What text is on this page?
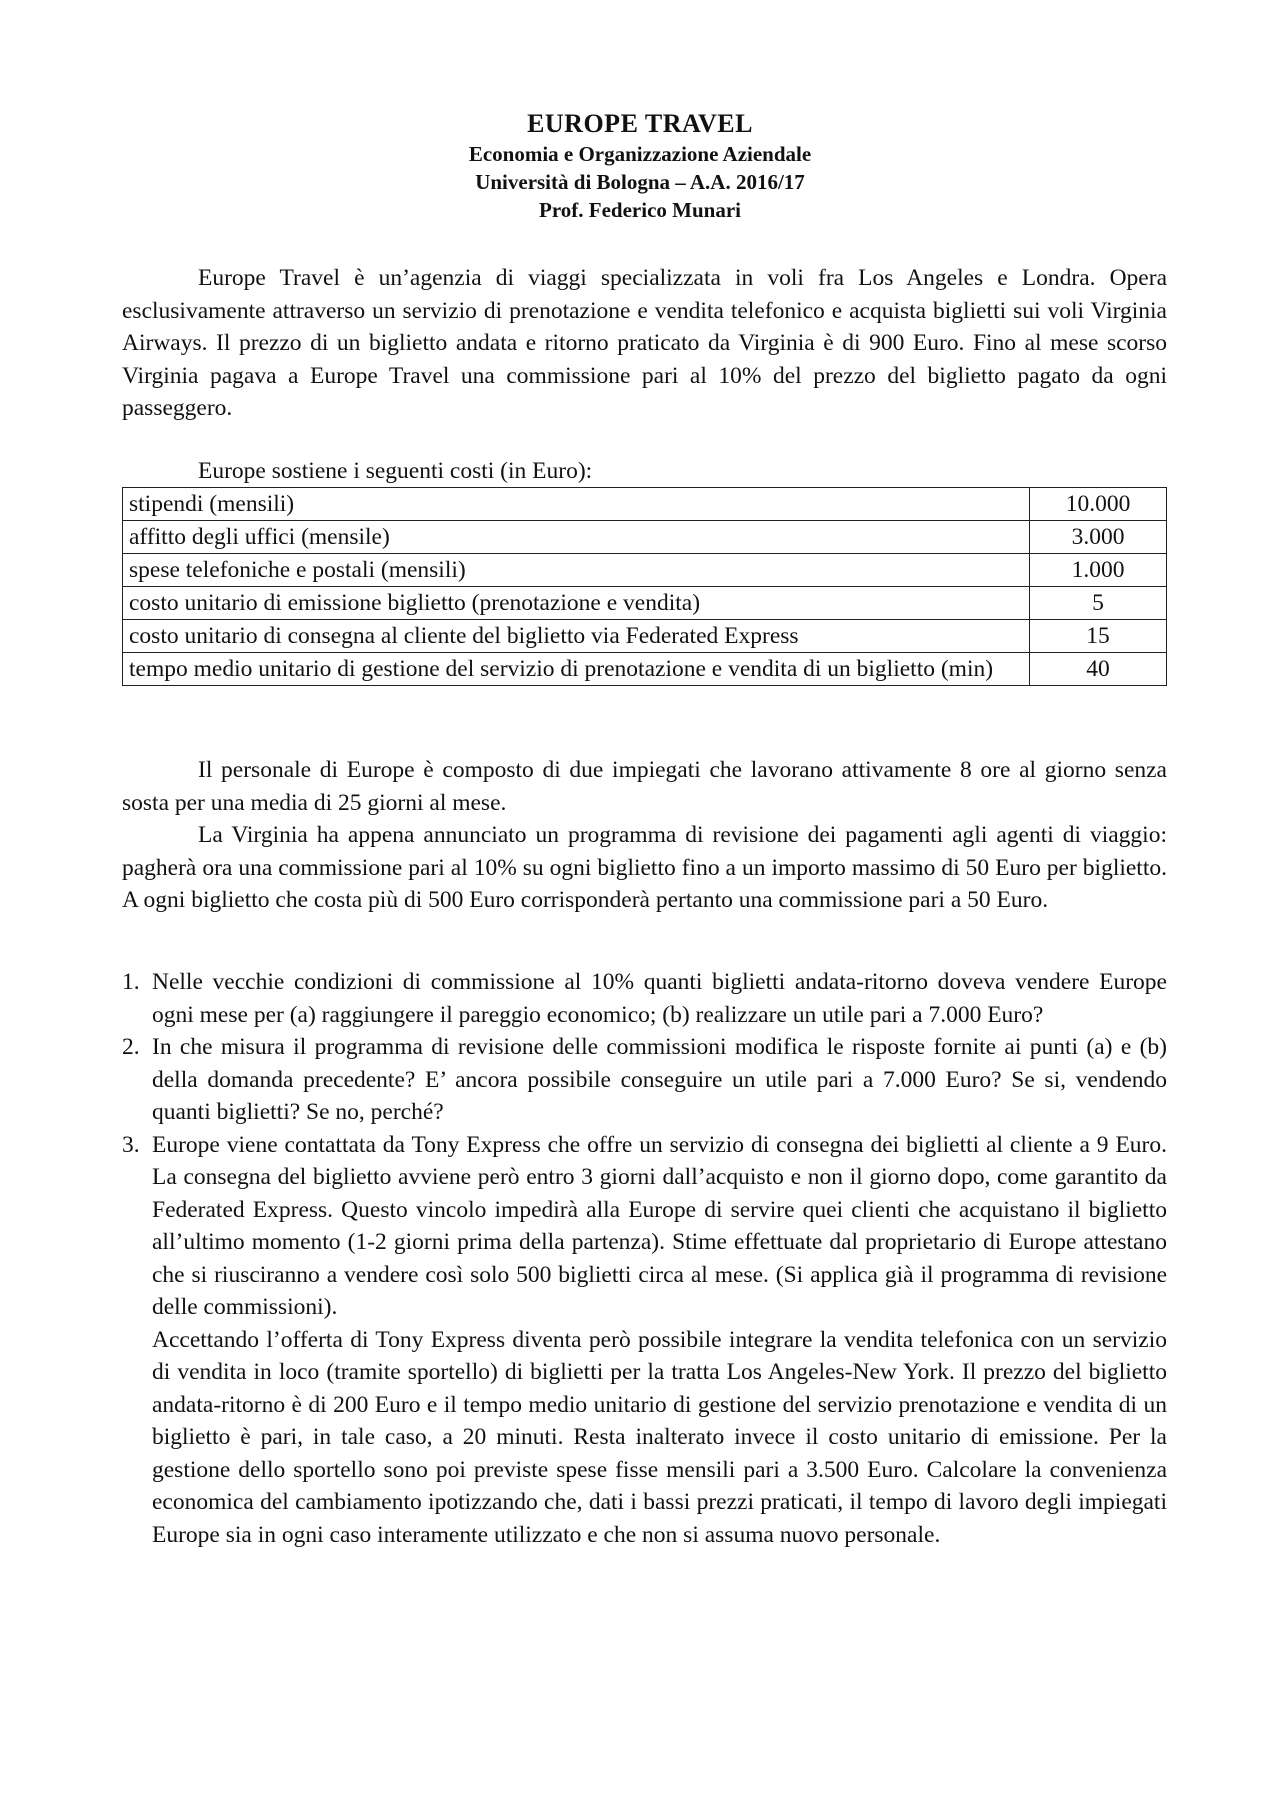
EUROPE TRAVEL
Economia e Organizzazione Aziendale
Università di Bologna – A.A. 2016/17
Prof. Federico Munari

Europe Travel è un’agenzia di viaggi specializzata in voli fra Los Angeles e Londra. Opera esclusivamente attraverso un servizio di prenotazione e vendita telefonico e acquista biglietti sui voli Virginia Airways. Il prezzo di un biglietto andata e ritorno praticato da Virginia è di 900 Euro. Fino al mese scorso Virginia pagava a Europe Travel una commissione pari al 10% del prezzo del biglietto pagato da ogni passeggero.

Europe sostiene i seguenti costi (in Euro):

stipendi (mensili)	10.000
affitto degli uffici (mensile)	3.000
spese telefoniche e postali (mensili)	1.000
costo unitario di emissione biglietto (prenotazione e vendita)	5
costo unitario di consegna al cliente del biglietto via Federated Express	15
tempo medio unitario di gestione del servizio di prenotazione e vendita di un biglietto (min)	40

Il personale di Europe è composto di due impiegati che lavorano attivamente 8 ore al giorno senza sosta per una media di 25 giorni al mese.

La Virginia ha appena annunciato un programma di revisione dei pagamenti agli agenti di viaggio: pagherà ora una commissione pari al 10% su ogni biglietto fino a un importo massimo di 50 Euro per biglietto. A ogni biglietto che costa più di 500 Euro corrisponderà pertanto una commissione pari a 50 Euro.

1. Nelle vecchie condizioni di commissione al 10% quanti biglietti andata-ritorno doveva vendere Europe ogni mese per (a) raggiungere il pareggio economico; (b) realizzare un utile pari a 7.000 Euro?

2. In che misura il programma di revisione delle commissioni modifica le risposte fornite ai punti (a) e (b) della domanda precedente? E’ ancora possibile conseguire un utile pari a 7.000 Euro? Se si, vendendo quanti biglietti? Se no, perché?

3. Europe viene contattata da Tony Express che offre un servizio di consegna dei biglietti al cliente a 9 Euro. La consegna del biglietto avviene però entro 3 giorni dall’acquisto e non il giorno dopo, come garantito da Federated Express. Questo vincolo impedirà alla Europe di servire quei clienti che acquistano il biglietto all’ultimo momento (1-2 giorni prima della partenza). Stime effettuate dal proprietario di Europe attestano che si riusciranno a vendere così solo 500 biglietti circa al mese. (Si applica già il programma di revisione delle commissioni).

Accettando l’offerta di Tony Express diventa però possibile integrare la vendita telefonica con un servizio di vendita in loco (tramite sportello) di biglietti per la tratta Los Angeles-New York. Il prezzo del biglietto andata-ritorno è di 200 Euro e il tempo medio unitario di gestione del servizio prenotazione e vendita di un biglietto è pari, in tale caso, a 20 minuti. Resta inalterato invece il costo unitario di emissione. Per la gestione dello sportello sono poi previste spese fisse mensili pari a 3.500 Euro. Calcolare la convenienza economica del cambiamento ipotizzando che, dati i bassi prezzi praticati, il tempo di lavoro degli impiegati Europe sia in ogni caso interamente utilizzato e che non si assuma nuovo personale.
